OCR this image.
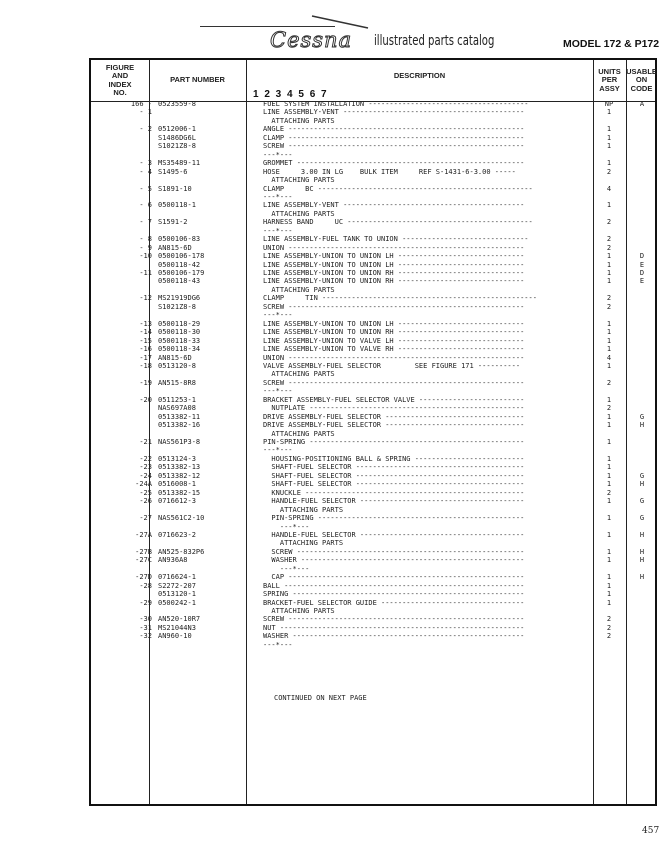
Cessna illustrated parts catalog	MODEL 172 & P172
FIGURE
AND
INDEX
NO.
PART NUMBER	DESCRIPTION
1 2 3 4 5 6 7
UNITS
PER
ASSY
USABLE
ON
CODE
166 - 0523559-8	FUEL SYSTEM INSTALLATION --------------------------------------	NP	A
- 1	LINE ASSEMBLY-VENT -------------------------------------------	1
ATTACHING PARTS
- 2 0512006-1	ANGLE --------------------------------------------------------	1
S1486DG6L	CLAMP --------------------------------------------------------	1
S1021Z8-8	SCREW --------------------------------------------------------	1
---*---
- 3 MS35489-11	GROMMET ------------------------------------------------------	1
- 4 S1495-6	HOSE     3.00 IN LG    BULK ITEM     REF S-1431-6-3.00 -----	2
ATTACHING PARTS
- 5 S1891-10	CLAMP     BC ---------------------------------------------------	4
---*---
- 6 0500118-1	LINE ASSEMBLY-VENT -------------------------------------------	1
ATTACHING PARTS
- 7 S1591-2	HARNESS BAND     UC --------------------------------------------	2
---*---
- 8 0500106-83	LINE ASSEMBLY-FUEL TANK TO UNION ------------------------------	2
- 9 AN815-6D	UNION --------------------------------------------------------	2
-10 0500106-178	LINE ASSEMBLY-UNION TO UNION LH ------------------------------	1	D
0500118-42	LINE ASSEMBLY-UNION TO UNION LH ------------------------------	1	E
-11 0500106-179	LINE ASSEMBLY-UNION TO UNION RH ------------------------------	1	D
0500118-43	LINE ASSEMBLY-UNION TO UNION RH ------------------------------	1	E
ATTACHING PARTS
-12 MS21919DG6	CLAMP     TIN ---------------------------------------------------	2
S1021Z8-8	SCREW --------------------------------------------------------	2
---*---
-13 0500118-29	LINE ASSEMBLY-UNION TO UNION LH ------------------------------	1
-14 0500118-30	LINE ASSEMBLY-UNION TO UNION RH ------------------------------	1
-15 0500118-33	LINE ASSEMBLY-UNION TO VALVE LH ------------------------------	1
-16 0500118-34	LINE ASSEMBLY-UNION TO VALVE RH ------------------------------	1
-17 AN815-6D	UNION --------------------------------------------------------	4
-18 0513120-8	VALVE ASSEMBLY-FUEL SELECTOR        SEE FIGURE 171 ----------	1
ATTACHING PARTS
-19 AN515-8R8	SCREW --------------------------------------------------------	2
---*---
-20 0511253-1	BRACKET ASSEMBLY-FUEL SELECTOR VALVE -------------------------	1
NAS697A08	NUTPLATE ---------------------------------------------------	2
0513382-11	DRIVE ASSEMBLY-FUEL SELECTOR ---------------------------------	1	G
0513382-16	DRIVE ASSEMBLY-FUEL SELECTOR ---------------------------------	1	H
ATTACHING PARTS
-21 NAS561P3-8	PIN-SPRING ---------------------------------------------------	1
---*---
-22 0513124-3	HOUSING-POSITIONING BALL & SPRING --------------------------	1
-23 0513382-13	SHAFT-FUEL SELECTOR ----------------------------------------	1
-24 0513382-12	SHAFT-FUEL SELECTOR ----------------------------------------	1	G
-24A 0516008-1	SHAFT-FUEL SELECTOR ----------------------------------------	1	H
-25 0513382-15	KNUCKLE ----------------------------------------------------	2
-26 0716612-3	HANDLE-FUEL SELECTOR ---------------------------------------	1	G
ATTACHING PARTS
-27 NAS561C2-10	PIN-SPRING -------------------------------------------------	1	G
---*---
-27A 0716623-2	HANDLE-FUEL SELECTOR ---------------------------------------	1	H
ATTACHING PARTS
-27B AN525-832P6	SCREW ------------------------------------------------------	1	H
-27C AN936A8	WASHER -----------------------------------------------------	1	H
---*---
-27D 0716624-1	CAP --------------------------------------------------------	1	H
-28 S2272-207	BALL ---------------------------------------------------------	1
0513120-1	SPRING -------------------------------------------------------	1
-29 0500242-1	BRACKET-FUEL SELECTOR GUIDE ----------------------------------	1
ATTACHING PARTS
-30 AN520-10R7	SCREW --------------------------------------------------------	2
-31 MS21044N3	NUT ----------------------------------------------------------	2
-32 AN960-10	WASHER -------------------------------------------------------	2
---*---
CONTINUED ON NEXT PAGE
457
